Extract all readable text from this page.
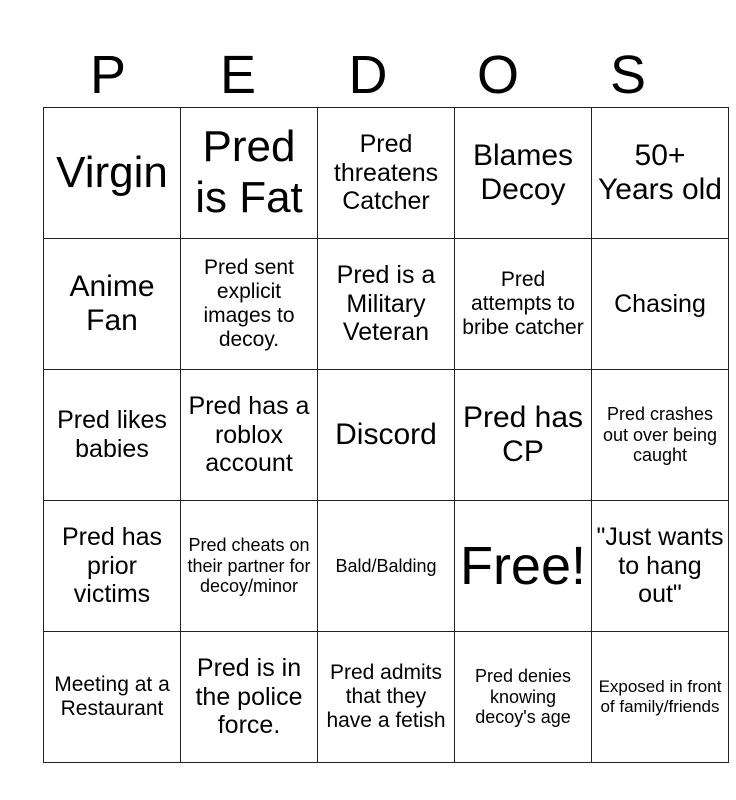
P	E	D	O	S
Virgin	Pred is Fat	Pred threatens Catcher	Blames Decoy	50+ Years old
Anime Fan	Pred sent explicit images to decoy.	Pred is a Military Veteran	Pred attempts to bribe catcher	Chasing
Pred likes babies	Pred has a roblox account	Discord	Pred has CP	Pred crashes out over being caught
Pred has prior victims	Pred cheats on their partner for decoy/minor	Bald/Balding	Free!	"Just wants to hang out"
Meeting at a Restaurant	Pred is in the police force.	Pred admits that they have a fetish	Pred denies knowing decoy's age	Exposed in front of family/friends
